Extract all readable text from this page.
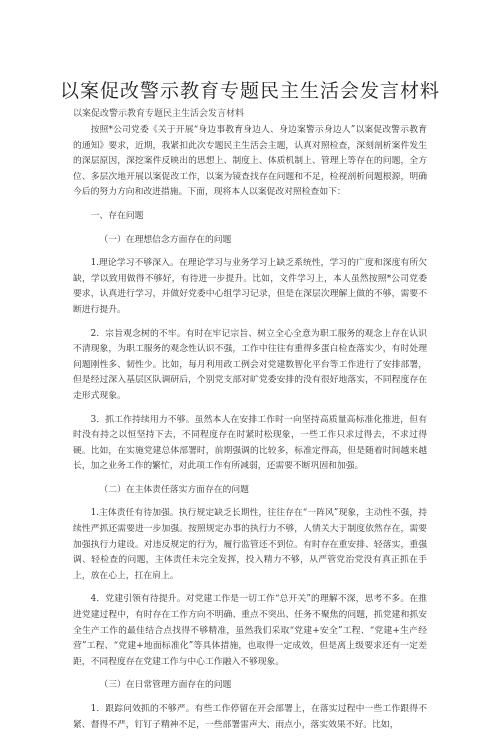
以案促改警示教育专题民主生活会发言材料
以案促改警示教育专题民主生活会发言材料

按照*公司党委《关于开展“身边事教育身边人、身边案警示身边人”以案促改警示教育的通知》要求，近期，我紧扣此次专题民主生活会主题，认真对照检查，深刻剖析案件发生的深层原因，深挖案件反映出的思想上、制度上、体质机制上、管理上等存在的问题，全方位、多层次地开展以案促改工作，以案为镜查找存在问题和不足，检视剖析问题根源，明确今后的努力方向和改进措施。下面，现将本人以案促改对照检查如下：

一、存在问题
（一）在理想信念方面存在的问题

1.理论学习不够深入。在理论学习与业务学习上缺乏系统性，学习的广度和深度有所欠缺，学以致用做得不够好，有待进一步提升。比如，文件学习上，本人虽然按照*公司党委要求，认真进行学习，并做好党委中心组学习记录，但是在深层次理解上做的不够，需要不断进行提升。

2．宗旨观念树的不牢。有时在牢记宗旨、树立全心全意为职工服务的观念上存在认识不清现象，为职工服务的观念性认识不强，工作中往往有重得多蛋白检查落实少，有时处理问题刚性多、韧性少。比如，每月利用政工例会对党建数智化平台等工作进行了安排部署，但是经过深入基层区队调研后，个别党支部对旷党委安排的没有很好地落实，不同程度存在走形式现象。

3．抓工作持续用力不够。虽然本人在安排工作时一向坚持高质量高标准化推进，但有时没有持之以恒坚持下去，不同程度存在时紧时松现象，一些工作只求过得去，不求过得硬。比如，在实施党建总体部署时，前期强调的比较多，标准定得高，但是随着时间越来越长，加之业务工作的繁忙，对此项工作有所减弱，还需要不断巩固和加强。

（二）在主体责任落实方面存在的问题

1.主体责任有待加强。执行规定缺乏长期性，往往存在“一阵风”现象，主动性不强，持续性严抓还需要进一步加强。按照规定办事的执行力不够，人情关大于制度依然存在，需要加强执行力建设。对违反规定的行为，履行监管还不到位。有时存在重安排、轻落实，重强调、轻检查的问题，主体责任未完全发挥，投入精力不够，从严管党治党没有真正抓在手上，放在心上，扛在肩上。

4．党建引领有待提升。对党建工作是一切工作“总开关”的理解不深，思考不多。在推进党建过程中，有时存在工作方向不明确、重点不突出、任务不聚焦的问题，抓党建和抓安全生产工作的最佳结合点找得不够精准，虽然我们采取“党建+安全”工程、“党建+生产经营”工程、“党建+地面标准化”等具体措施，也取得一定成效，但是离上级要求还有一定差距，不同程度存在党建工作与中心工作融入不够现象。

（三）在日常管理方面存在的问题

1．跟踪问效抓的不够严。有些工作停留在开会部署上，在落实过程中一些工作跟得不紧、督得不严，钉钉子精神不足，一些部署雷声大、雨点小，落实效果不好。比如，
